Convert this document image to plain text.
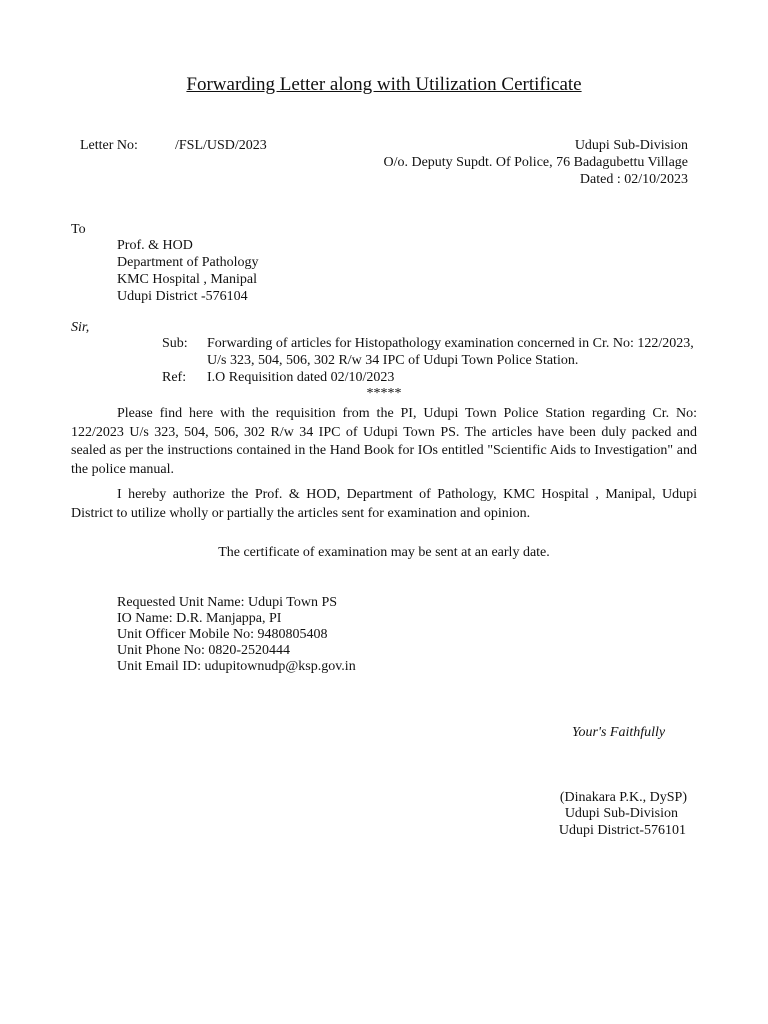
Forwarding Letter along with Utilization Certificate
Letter No:	/FSL/USD/2023	Udupi Sub-Division
O/o. Deputy Supdt. Of Police, 76 Badagubettu Village
Dated : 02/10/2023
To
Prof. & HOD
Department of Pathology
KMC Hospital , Manipal
Udupi District -576104
Sir,
Sub: Forwarding of articles for Histopathology examination concerned in Cr. No: 122/2023,
U/s 323, 504, 506, 302 R/w 34 IPC of Udupi Town Police Station.
Ref: I.O Requisition dated 02/10/2023
*****
Please find here with the requisition from the PI, Udupi Town Police Station regarding Cr. No: 122/2023 U/s 323, 504, 506, 302 R/w 34 IPC of Udupi Town PS. The articles have been duly packed and sealed as per the instructions contained in the Hand Book for IOs entitled "Scientific Aids to Investigation" and the police manual.
I hereby authorize the Prof. & HOD, Department of Pathology, KMC Hospital , Manipal, Udupi District to utilize wholly or partially the articles sent for examination and opinion.
The certificate of examination may be sent at an early date.
Requested Unit Name: Udupi Town PS
IO Name: D.R. Manjappa, PI
Unit Officer Mobile No: 9480805408
Unit Phone No: 0820-2520444
Unit Email ID: udupitownudp@ksp.gov.in
Your's Faithfully
(Dinakara P.K., DySP)
Udupi Sub-Division
Udupi District-576101
